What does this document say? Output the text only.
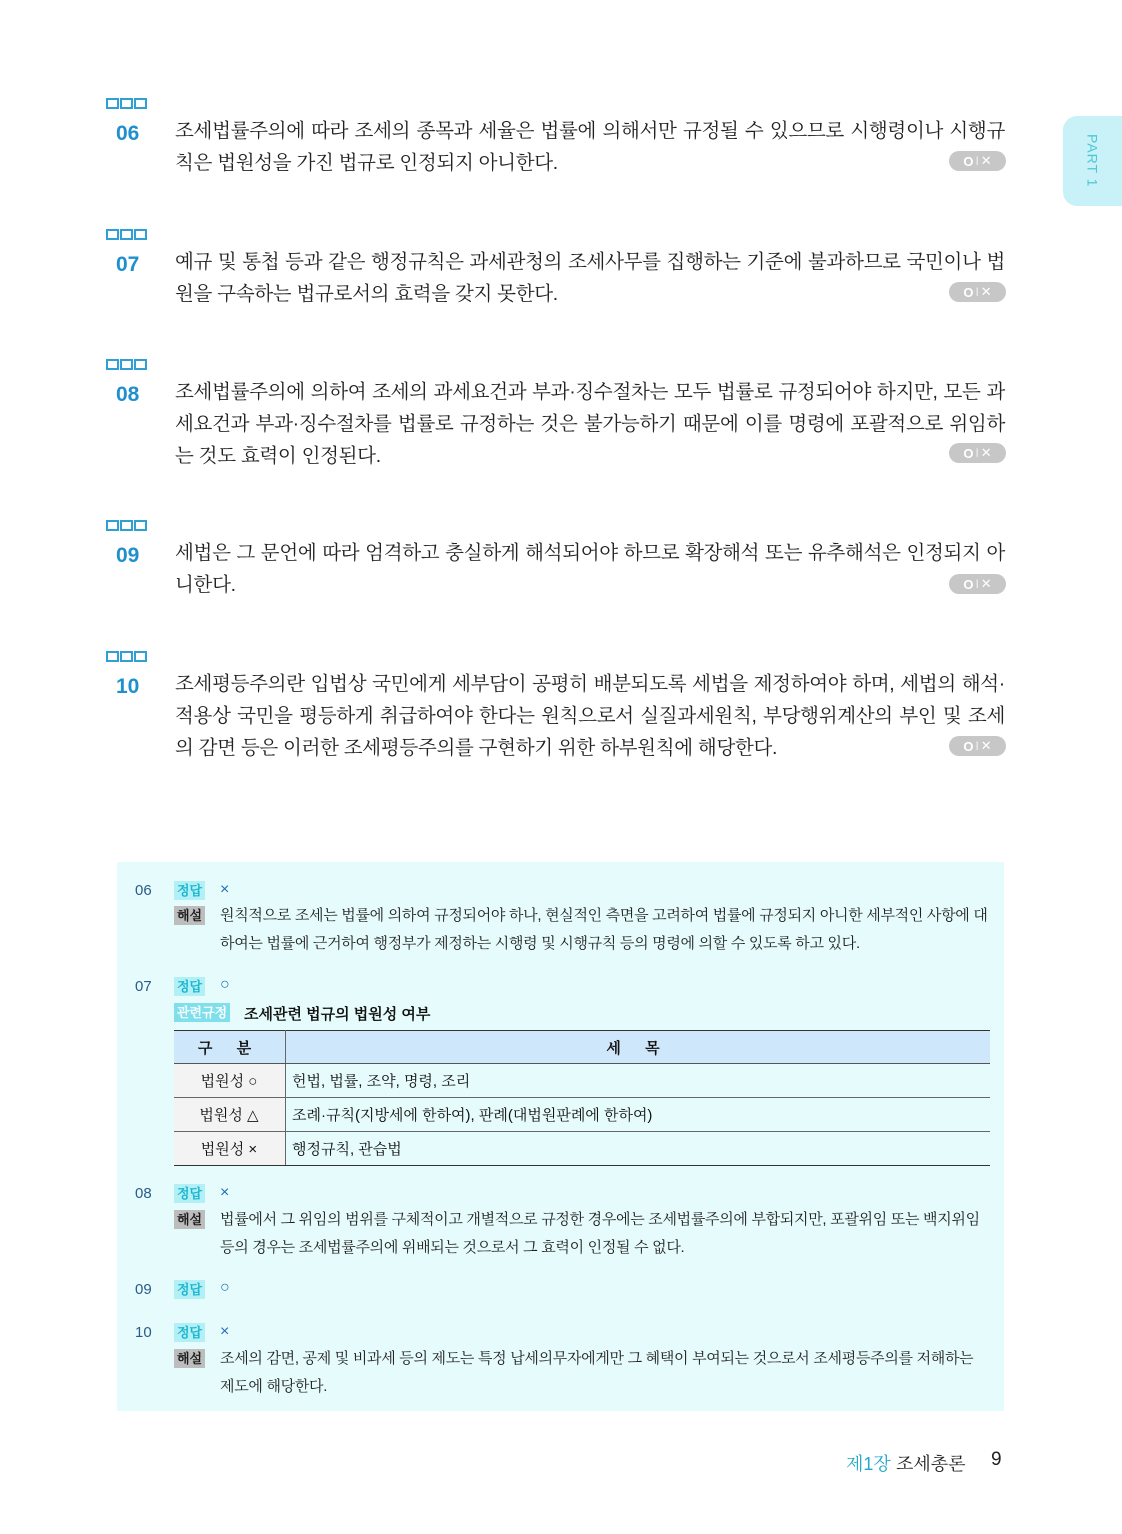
PART 1
06 조세법률주의에 따라 조세의 종목과 세율은 법률에 의해서만 규정될 수 있으므로 시행령이나 시행규칙은 법원성을 가진 법규로 인정되지 아니한다.	O I ✕
07 예규 및 통첩 등과 같은 행정규칙은 과세관청의 조세사무를 집행하는 기준에 불과하므로 국민이나 법원을 구속하는 법규로서의 효력을 갖지 못한다.	O I ✕
08 조세법률주의에 의하여 조세의 과세요건과 부과·징수절차는 모두 법률로 규정되어야 하지만, 모든 과세요건과 부과·징수절차를 법률로 규정하는 것은 불가능하기 때문에 이를 명령에 포괄적으로 위임하는 것도 효력이 인정된다.	O I ✕
09 세법은 그 문언에 따라 엄격하고 충실하게 해석되어야 하므로 확장해석 또는 유추해석은 인정되지 아니한다.	O I ✕
10 조세평등주의란 입법상 국민에게 세부담이 공평히 배분되도록 세법을 제정하여야 하며, 세법의 해석·적용상 국민을 평등하게 취급하여야 한다는 원칙으로서 실질과세원칙, 부당행위계산의 부인 및 조세의 감면 등은 이러한 조세평등주의를 구현하기 위한 하부원칙에 해당한다.	O I ✕
06 정답 ×
해설 원칙적으로 조세는 법률에 의하여 규정되어야 하나, 현실적인 측면을 고려하여 법률에 규정되지 아니한 세부적인 사항에 대하여는 법률에 근거하여 행정부가 제정하는 시행령 및 시행규칙 등의 명령에 의할 수 있도록 하고 있다.
07 정답 ○
관련규정 조세관련 법규의 법원성 여부
구 분	세 목
법원성 ○	헌법, 법률, 조약, 명령, 조리
법원성 △	조례·규칙(지방세에 한하여), 판례(대법원판례에 한하여)
법원성 ×	행정규칙, 관습법
08 정답 ×
해설 법률에서 그 위임의 범위를 구체적이고 개별적으로 규정한 경우에는 조세법률주의에 부합되지만, 포괄위임 또는 백지위임 등의 경우는 조세법률주의에 위배되는 것으로서 그 효력이 인정될 수 없다.
09 정답 ○
10 정답 ×
해설 조세의 감면, 공제 및 비과세 등의 제도는 특정 납세의무자에게만 그 혜택이 부여되는 것으로서 조세평등주의를 저해하는 제도에 해당한다.
제1장 조세총론 9
